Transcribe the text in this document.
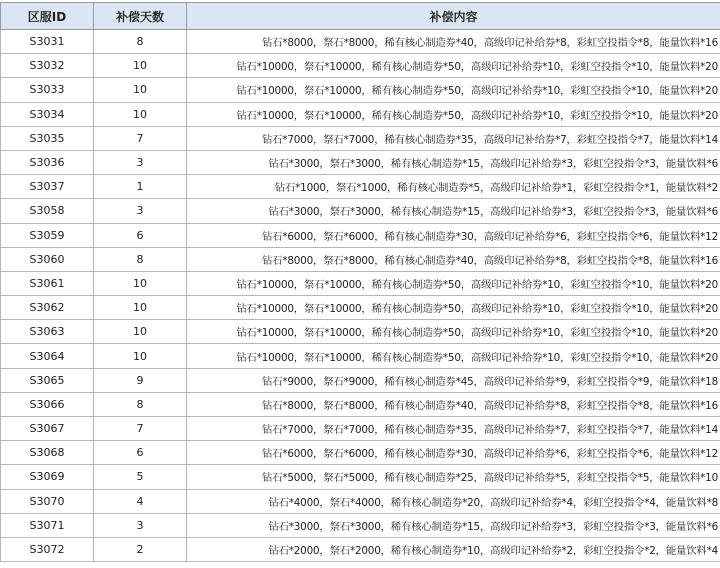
区服ID	补偿天数	补偿内容
S3031	8	钻石*8000，祭石*8000，稀有核心制造券*40，高级印记补给券*8，彩虹空投指令*8，能量饮料*16

S3032	10	钻石*10000，祭石*10000，稀有核心制造券*50，高级印记补给券*10，彩虹空投指令*10，能量饮料*20

S3033	10	钻石*10000，祭石*10000，稀有核心制造券*50，高级印记补给券*10，彩虹空投指令*10，能量饮料*20

S3034	10	钻石*10000，祭石*10000，稀有核心制造券*50，高级印记补给券*10，彩虹空投指令*10，能量饮料*20

S3035	7	钻石*7000，祭石*7000，稀有核心制造券*35，高级印记补给券*7，彩虹空投指令*7，能量饮料*14

S3036	3	钻石*3000，祭石*3000，稀有核心制造券*15，高级印记补给券*3，彩虹空投指令*3，能量饮料*6

S3037	1	钻石*1000，祭石*1000，稀有核心制造券*5，高级印记补给券*1，彩虹空投指令*1，能量饮料*2

S3058	3	钻石*3000，祭石*3000，稀有核心制造券*15，高级印记补给券*3，彩虹空投指令*3，能量饮料*6

S3059	6	钻石*6000，祭石*6000，稀有核心制造券*30，高级印记补给券*6，彩虹空投指令*6，能量饮料*12

S3060	8	钻石*8000，祭石*8000，稀有核心制造券*40，高级印记补给券*8，彩虹空投指令*8，能量饮料*16

S3061	10	钻石*10000，祭石*10000，稀有核心制造券*50，高级印记补给券*10，彩虹空投指令*10，能量饮料*20

S3062	10	钻石*10000，祭石*10000，稀有核心制造券*50，高级印记补给券*10，彩虹空投指令*10，能量饮料*20

S3063	10	钻石*10000，祭石*10000，稀有核心制造券*50，高级印记补给券*10，彩虹空投指令*10，能量饮料*20

S3064	10	钻石*10000，祭石*10000，稀有核心制造券*50，高级印记补给券*10，彩虹空投指令*10，能量饮料*20

S3065	9	钻石*9000，祭石*9000，稀有核心制造券*45，高级印记补给券*9，彩虹空投指令*9，能量饮料*18

S3066	8	钻石*8000，祭石*8000，稀有核心制造券*40，高级印记补给券*8，彩虹空投指令*8，能量饮料*16

S3067	7	钻石*7000，祭石*7000，稀有核心制造券*35，高级印记补给券*7，彩虹空投指令*7，能量饮料*14

S3068	6	钻石*6000，祭石*6000，稀有核心制造券*30，高级印记补给券*6，彩虹空投指令*6，能量饮料*12

S3069	5	钻石*5000，祭石*5000，稀有核心制造券*25，高级印记补给券*5，彩虹空投指令*5，能量饮料*10

S3070	4	钻石*4000，祭石*4000，稀有核心制造券*20，高级印记补给券*4，彩虹空投指令*4，能量饮料*8

S3071	3	钻石*3000，祭石*3000，稀有核心制造券*15，高级印记补给券*3，彩虹空投指令*3，能量饮料*6

S3072	2	钻石*2000，祭石*2000，稀有核心制造券*10，高级印记补给券*2，彩虹空投指令*2，能量饮料*4
